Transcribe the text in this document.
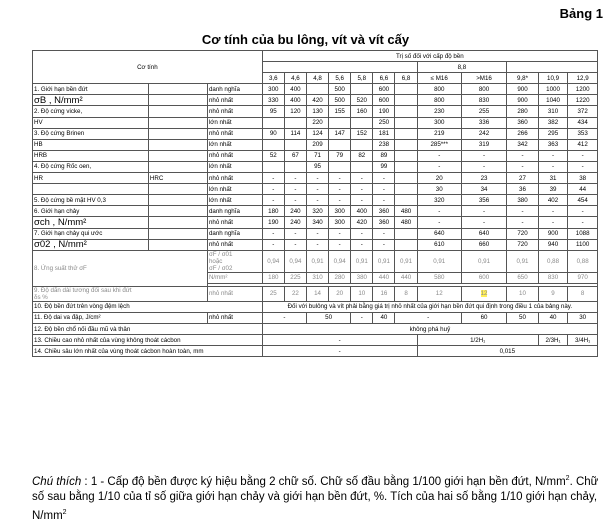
Bảng 1
Cơ tính của bu lông, vít và vít cấy
Cơ tính			Trị số đối với cấp độ bền											
										8,8				
			3,6	4,6	4,8	5,6	5,8	6,6	6,8	≤ M16	>M16	9,8*	10,9	12,9
1. Giới hạn bền đứt		danh nghĩa	300	400		500		600		800	800	900	1000	1200
σB , N/mm²		nhỏ nhất	330	400	420	500	520	600		800	830	900	1040	1220
2. Độ cứng vicke,		nhỏ nhất	95	120	130	155	160	190		230	255	280	310	372
HV		lớn nhất			220			250		300	336	360	382	434
3. Độ cứng Brinen		nhỏ nhất	90	114	124	147	152	181		219	242	266	295	353
HB		lớn nhất			209			238		285***	319	342	363	412
HRB		nhỏ nhất	52	67	71	79	82	89		-	-	-	-	-
4. Độ cứng Rốc oen,		lớn nhất			95			99		-	-	-	-	-
HR	HRC	nhỏ nhất	-	-	-	-	-	-		20	23	27	31	38
		lớn nhất	-	-	-	-	-	-		30	34	36	39	44
5. Độ cứng bề mặt HV 0,3		lớn nhất	-	-	-	-	-	-		320	356	380	402	454
6. Giới hạn chảy		danh nghĩa	180	240	320	300	400	360	480	-	-	-	-	-
σch , N/mm²		nhỏ nhất	190	240	340	300	420	360	480	-	-	-	-	-
7. Giới hạn chảy qui ước		danh nghĩa	-	-	-	-	-	-		640	640	720	900	1088
σ02 , N/mm²		nhỏ nhất	-	-	-	-	-	-		610	660	720	940	1100
8. Ứng suất thử σF		σF / σ01
hoặc
σF / σ02	0,94	0,94	0,91	0,94	0,91	0,91	0,91	0,91	0,91	0,91	0,88	0,88
		N/mm²	180	225	310	280	380	440	440	580	600	650	830	970

9. Độ dãn dài tương đối sau khi đứt
δs %		nhỏ nhất	25	22	14	20	10	16	8	12	12	10	9	8
10. Độ bền đứt trên vòng đệm lệch			Đối với bulông và vít phải bằng giá trị nhỏ nhất của giới hạn bền đứt qui định trong điều 1 của bảng này.											
11. Độ dai va đập, J/cm²		nhỏ nhất	-		50		-	40	-		60	50	40	30
12. Độ bền chổ nối đầu mũ và thân			không phá huỷ											
13. Chiều cao nhỏ nhất của vùng không thoát cácbon			-							1/2H₁			2/3H₁	3/4H₁
14. Chiều sâu lớn nhất của vùng thoát cácbon hoàn toàn, mm			-							0,015				
Chú thích : 1 - Cấp độ bền được ký hiệu bằng 2 chữ số. Chữ số đầu bằng 1/100 giới hạn bền đứt, $N/mm^2$. Chữ số sau bằng 1/10 của tỉ số giữa giới hạn chảy và giới hạn bền đứt, %. Tích của hai số bằng 1/10 giới hạn chảy, $N/mm^2$
